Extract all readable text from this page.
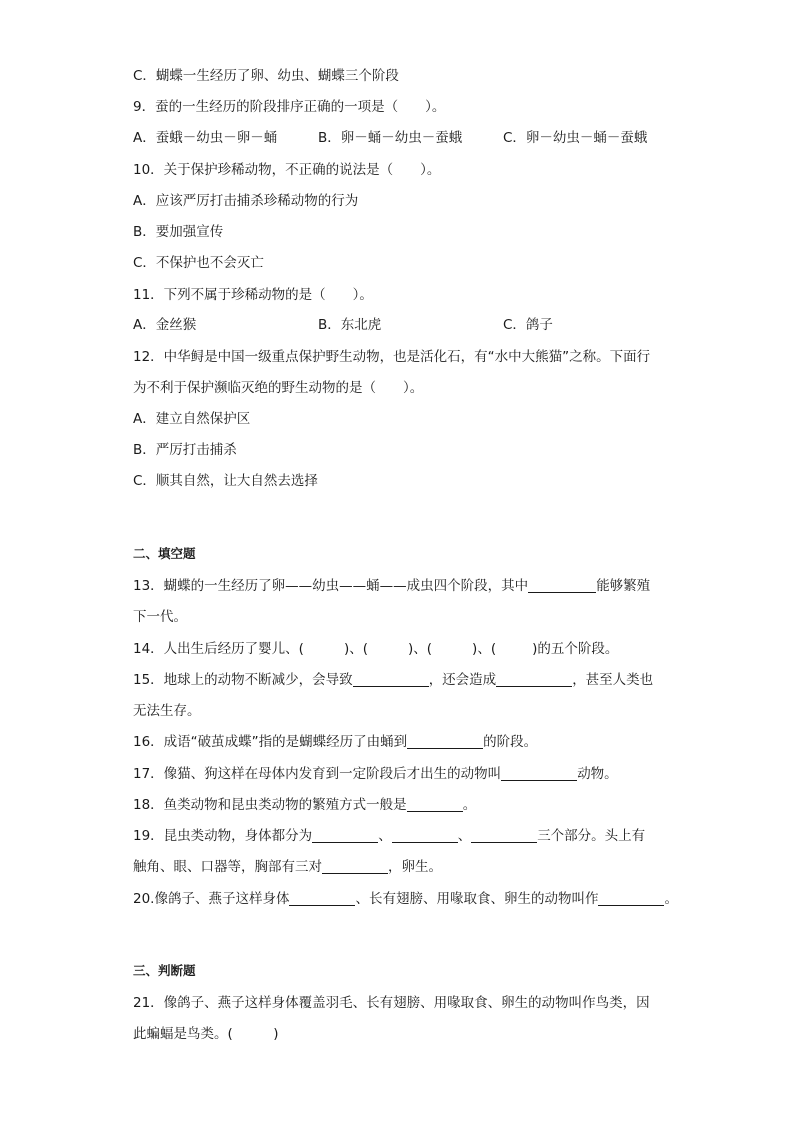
C．蝴蝶一生经历了卵、幼虫、蝴蝶三个阶段
9．蚕的一生经历的阶段排序正确的一项是（　　）。
A．蚕蛾－幼虫－卵－蛹	B．卵－蛹－幼虫－蚕蛾	C．卵－幼虫－蛹－蚕蛾
10．关于保护珍稀动物，不正确的说法是（　　）。
A．应该严厉打击捕杀珍稀动物的行为
B．要加强宣传
C．不保护也不会灭亡
11．下列不属于珍稀动物的是（　　）。
A．金丝猴	B．东北虎	C．鸽子
12．中华鲟是中国一级重点保护野生动物，也是活化石，有“水中大熊猫”之称。下面行
为不利于保护濒临灭绝的野生动物的是（　　）。
A．建立自然保护区
B．严厉打击捕杀
C．顺其自然，让大自然去选择
二、填空题
13．蝴蝶的一生经历了卵——幼虫——蛹——成虫四个阶段，其中	能够繁殖
下一代。
14．人出生后经历了婴儿、(	)、(	)、(	)、(	)的五个阶段。
15．地球上的动物不断减少，会导致	，还会造成	，甚至人类也
无法生存。
16．成语“破茧成蝶”指的是蝴蝶经历了由蛹到	的阶段。
17．像猫、狗这样在母体内发育到一定阶段后才出生的动物叫	动物。
18．鱼类动物和昆虫类动物的繁殖方式一般是	。
19．昆虫类动物，身体都分为	、	、	三个部分。头上有
触角、眼、口器等，胸部有三对	，卵生。
20.像鸽子、燕子这样身体	、长有翅膀、用喙取食、卵生的动物叫作	。
三、判断题
21．像鸽子、燕子这样身体覆盖羽毛、长有翅膀、用喙取食、卵生的动物叫作鸟类，因
此蝙蝠是鸟类。(　　　)
